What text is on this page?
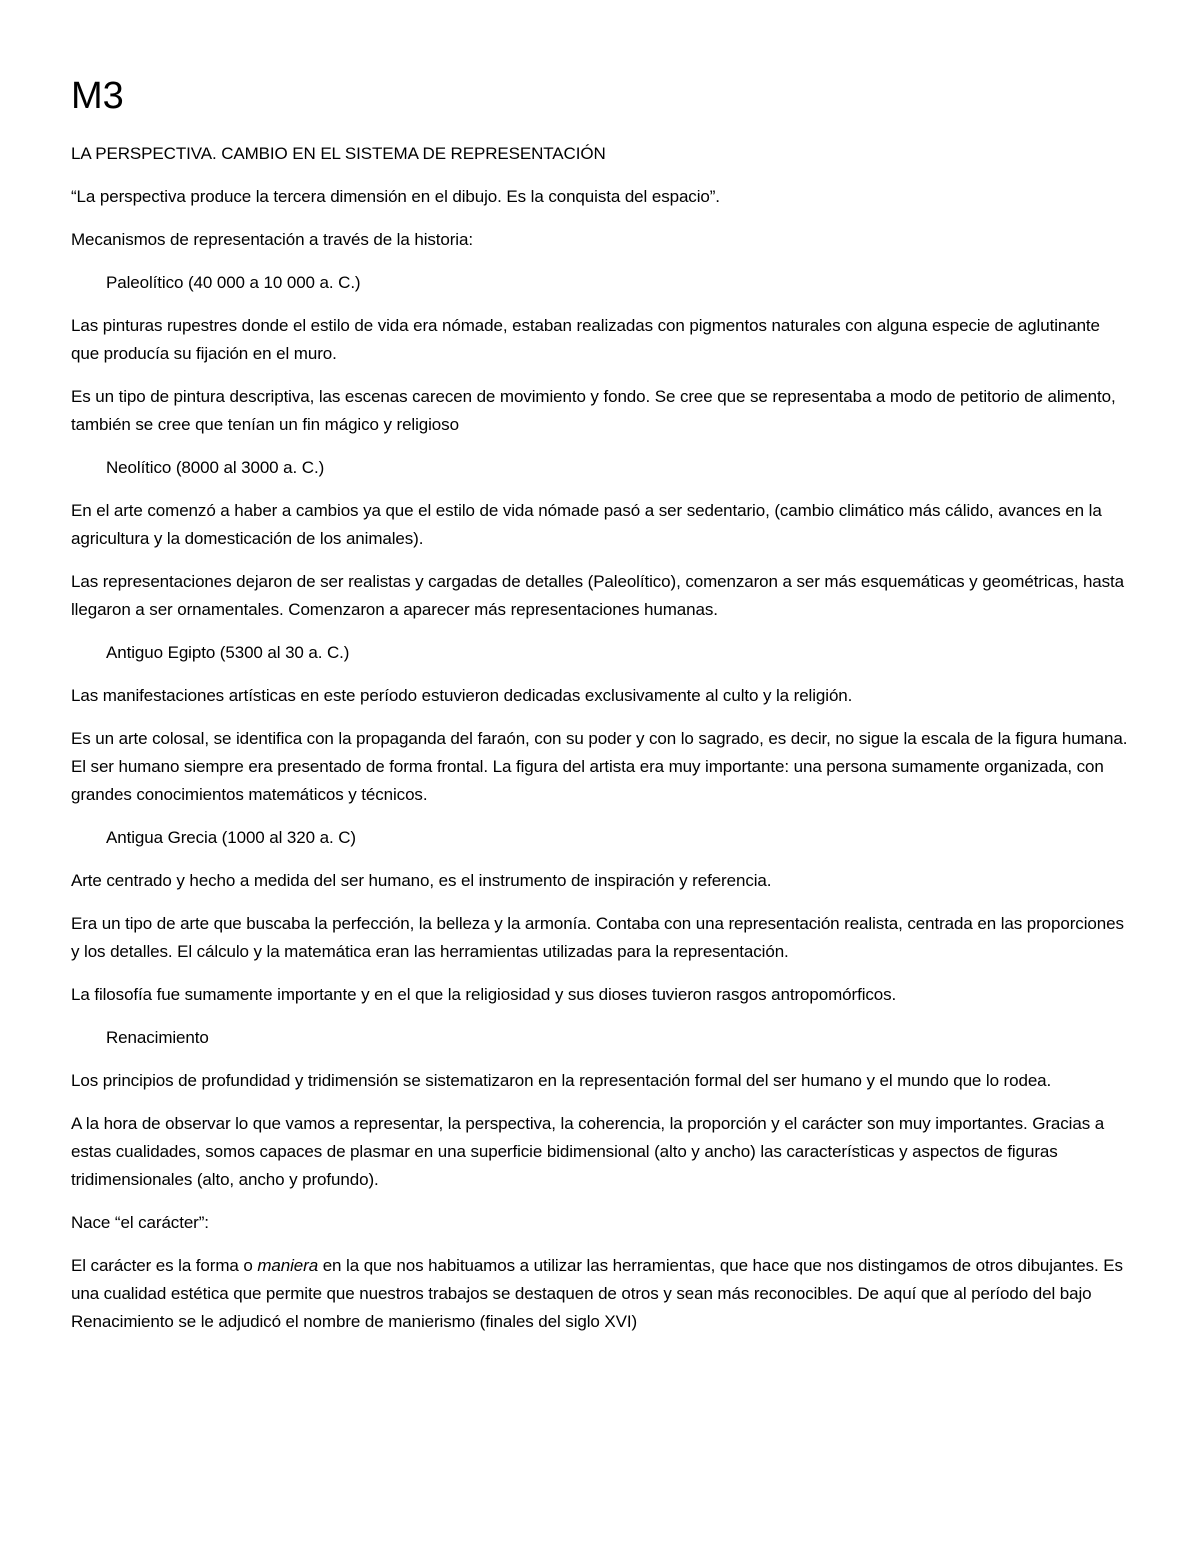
M3

LA PERSPECTIVA. CAMBIO EN EL SISTEMA DE REPRESENTACIÓN

“La perspectiva produce la tercera dimensión en el dibujo. Es la conquista del espacio”.

Mecanismos de representación a través de la historia:

Paleolítico (40 000 a 10 000 a. C.)

Las pinturas rupestres donde el estilo de vida era nómade, estaban realizadas con pigmentos naturales con alguna especie de aglutinante que producía su fijación en el muro.

Es un tipo de pintura descriptiva, las escenas carecen de movimiento y fondo. Se cree que se representaba a modo de petitorio de alimento, también se cree que tenían un fin mágico y religioso

Neolítico (8000 al 3000 a. C.)

En el arte comenzó a haber a cambios ya que el estilo de vida nómade pasó a ser sedentario, (cambio climático más cálido, avances en la agricultura y la domesticación de los animales).

Las representaciones dejaron de ser realistas y cargadas de detalles (Paleolítico), comenzaron a ser más esquemáticas y geométricas, hasta llegaron a ser ornamentales. Comenzaron a aparecer más representaciones humanas.

Antiguo Egipto (5300 al 30 a. C.)

Las manifestaciones artísticas en este período estuvieron dedicadas exclusivamente al culto y la religión.

Es un arte colosal, se identifica con la propaganda del faraón, con su poder y con lo sagrado, es decir, no sigue la escala de la figura humana. El ser humano siempre era presentado de forma frontal. La figura del artista era muy importante: una persona sumamente organizada, con grandes conocimientos matemáticos y técnicos.

Antigua Grecia (1000 al 320 a. C)

Arte centrado y hecho a medida del ser humano, es el instrumento de inspiración y referencia.

Era un tipo de arte que buscaba la perfección, la belleza y la armonía. Contaba con una representación realista, centrada en las proporciones y los detalles. El cálculo y la matemática eran las herramientas utilizadas para la representación.

La filosofía fue sumamente importante y en el que la religiosidad y sus dioses tuvieron rasgos antropomórficos.

Renacimiento

Los principios de profundidad y tridimensión se sistematizaron en la representación formal del ser humano y el mundo que lo rodea.

A la hora de observar lo que vamos a representar, la perspectiva, la coherencia, la proporción y el carácter son muy importantes. Gracias a estas cualidades, somos capaces de plasmar en una superficie bidimensional (alto y ancho) las características y aspectos de figuras tridimensionales (alto, ancho y profundo).

Nace “el carácter”:

El carácter es la forma o maniera en la que nos habituamos a utilizar las herramientas, que hace que nos distingamos de otros dibujantes. Es una cualidad estética que permite que nuestros trabajos se destaquen de otros y sean más reconocibles. De aquí que al período del bajo Renacimiento se le adjudicó el nombre de manierismo (finales del siglo XVI)
